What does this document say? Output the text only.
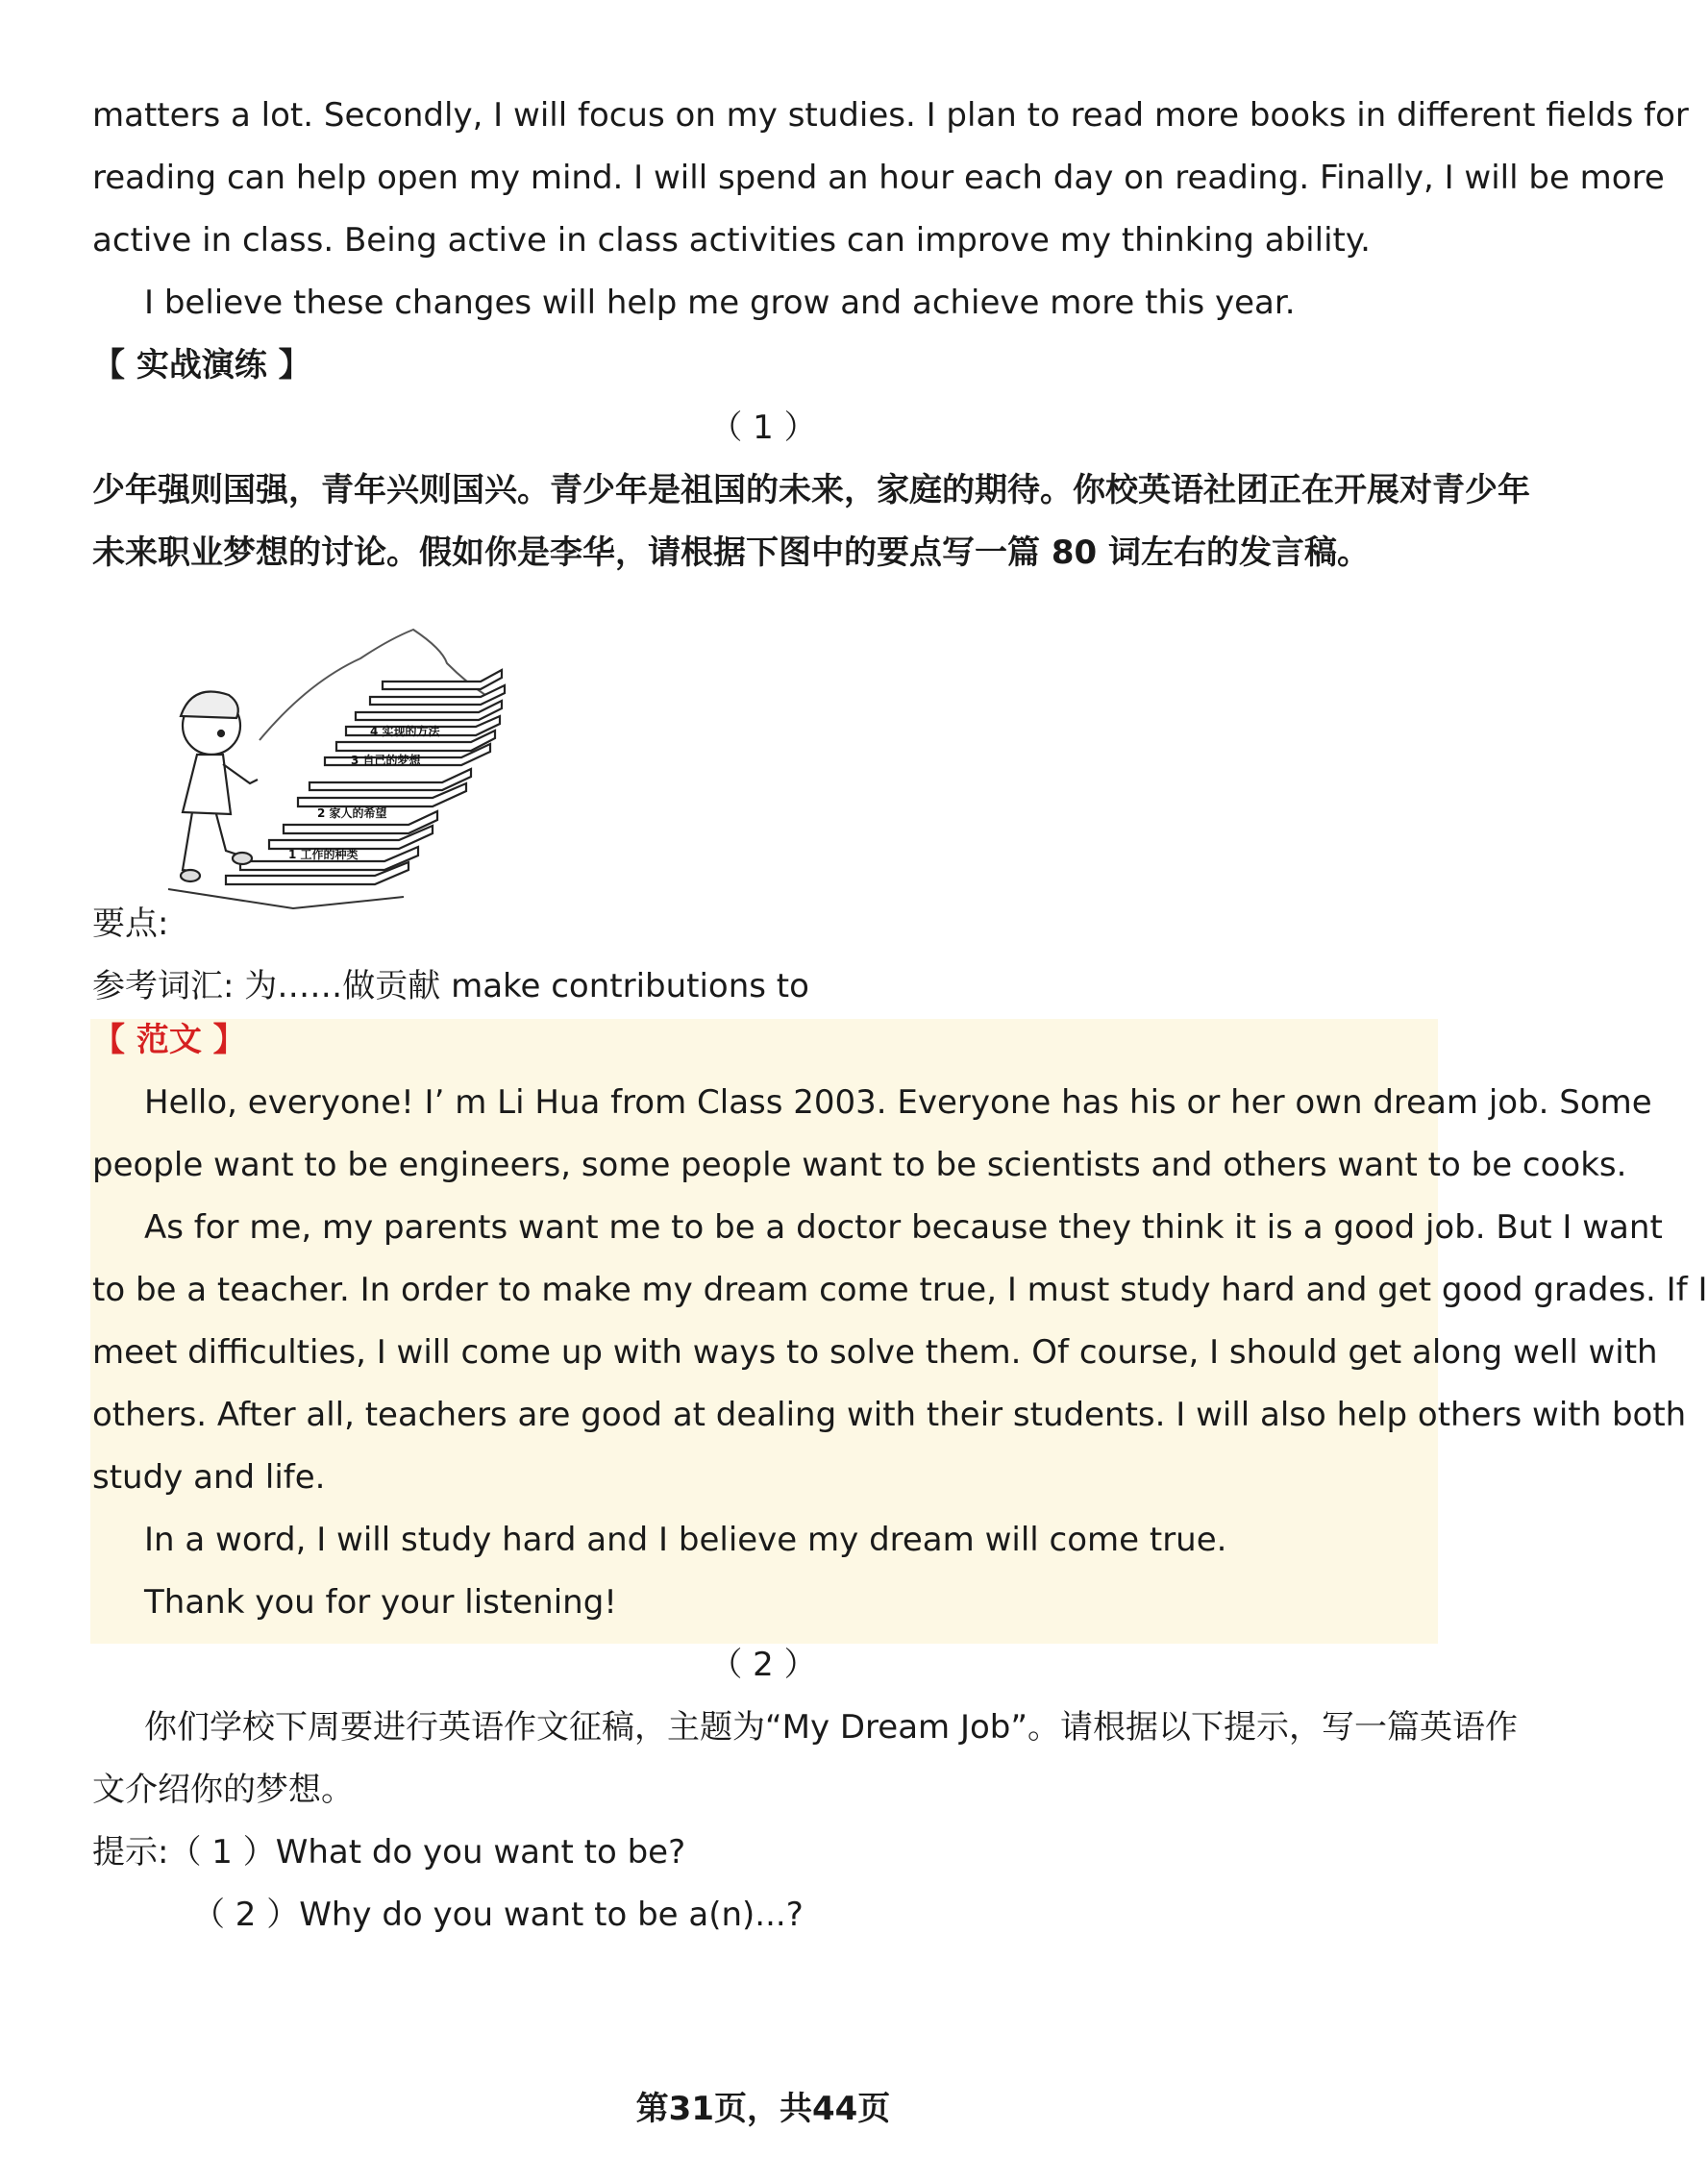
matters a lot. Secondly, I will focus on my studies. I plan to read more books in different fields for
reading can help open my mind. I will spend an hour each day on reading. Finally, I will be more
active in class. Being active in class activities can improve my thinking ability.
I believe these changes will help me grow and achieve more this year.
【 实战演练 】
（ 1 ）
少年强则国强，青年兴则国兴。青少年是祖国的未来，家庭的期待。你校英语社团正在开展对青少年
未来职业梦想的讨论。假如你是李华，请根据下图中的要点写一篇 80 词左右的发言稿。
1 工作的种类
2 家人的希望
3 自己的梦想
4 实现的方法
要点:
参考词汇: 为……做贡献 make contributions to
【 范文 】
Hello, everyone! I’ m Li Hua from Class 2003. Everyone has his or her own dream job. Some
people want to be engineers, some people want to be scientists and others want to be cooks.
As for me, my parents want me to be a doctor because they think it is a good job. But I want
to be a teacher. In order to make my dream come true, I must study hard and get good grades. If I
meet difficulties, I will come up with ways to solve them. Of course, I should get along well with
others. After all, teachers are good at dealing with their students. I will also help others with both
study and life.
In a word, I will study hard and I believe my dream will come true.
Thank you for your listening!
（ 2 ）
你们学校下周要进行英语作文征稿，主题为“My Dream Job”。请根据以下提示，写一篇英语作
文介绍你的梦想。
提示:（ 1 ）What do you want to be?
（ 2 ）Why do you want to be a(n)...?
第31页，共44页
